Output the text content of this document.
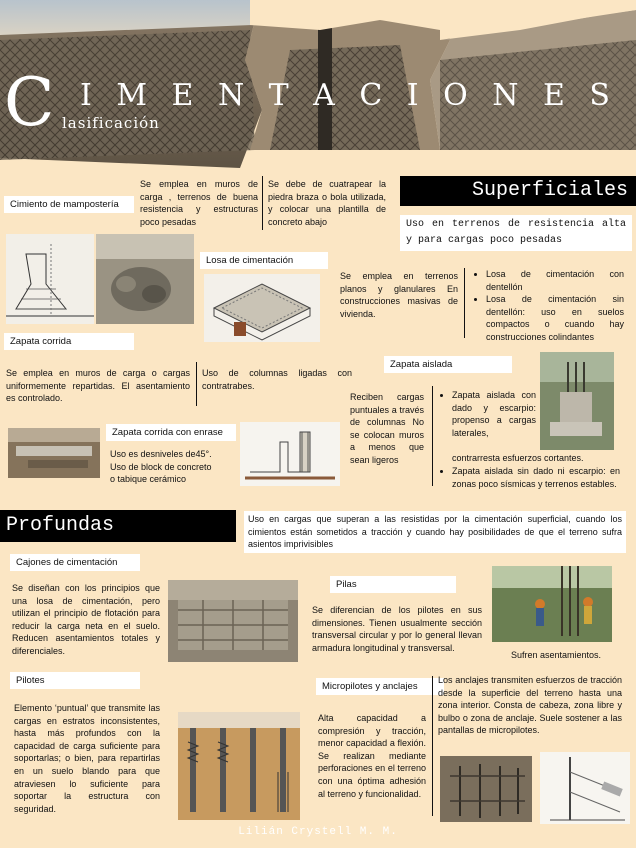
C I M E N T A C I O N E S
lasificación
Superficiales
Uso en terrenos de resistencia alta y para cargas poco pesadas
Cimiento de mampostería
Se emplea en muros de carga , terrenos de buena resistencia y estructuras poco pesadas
Se debe de cuatrapear la piedra braza o bola utilizada, y colocar una plantilla de concreto abajo
Losa de cimentación
Se emplea en terrenos planos y glanulares En construcciones masivas de vivienda.
• Losa de cimentación con dentellón
• Losa de cimentación sin dentellón: uso en suelos compactos o cuando hay construcciones colindantes
Zapata corrida
Se emplea en muros de carga o cargas uniformemente repartidas. El asentamiento es controlado.
Uso de columnas ligadas con contratrabes.
Zapata aislada
Reciben cargas puntuales a través de columnas No se colocan muros a menos que sean ligeros
• Zapata aislada con dado y escarpio: propenso a cargas laterales,
contrarresta esfuerzos cortantes.
• Zapata aislada sin dado ni escarpio: en zonas poco sísmicas y terrenos estables.
Zapata corrida con enrase
Uso es desniveles de45°.
Uso de block de concreto
o tabique cerámico
Profundas	Uso en cargas que superan a las resistidas por la cimentación superficial, cuando los cimientos están sometidos a tracción y cuando hay posibilidades de que el terreno sufra asientos imprivisibles
Cajones de cimentación
Se diseñan con los principios que una losa de cimentación, pero utilizan el principio de flotación para reducir la carga neta en el suelo. Reducen asentamientos totales y diferenciales.
Pilas
Se diferencian de los pilotes en sus dimensiones. Tienen usualmente sección transversal circular y por lo general llevan armadura longitudinal y transversal.
Sufren asentamientos.
Pilotes
Elemento ‘puntual’ que transmite las cargas en estratos inconsistentes, hasta más profundos con la capacidad de carga suficiente para soportarlas; o bien, para repartirlas en un suelo blando para que atraviesen lo suficiente para soportar la estructura con seguridad.
Micropilotes y anclajes
Alta capacidad a compresión y tracción, menor capacidad a flexión. Se realizan mediante perforaciones en el terreno con una óptima adhesión al terreno y funcionalidad.
Los anclajes transmiten esfuerzos de tracción desde la superficie del terreno hasta una zona interior. Consta de cabeza, zona libre y bulbo o zona de anclaje. Suele sostener a las pantallas de micropilotes.
Lilián Crystell M. M.
